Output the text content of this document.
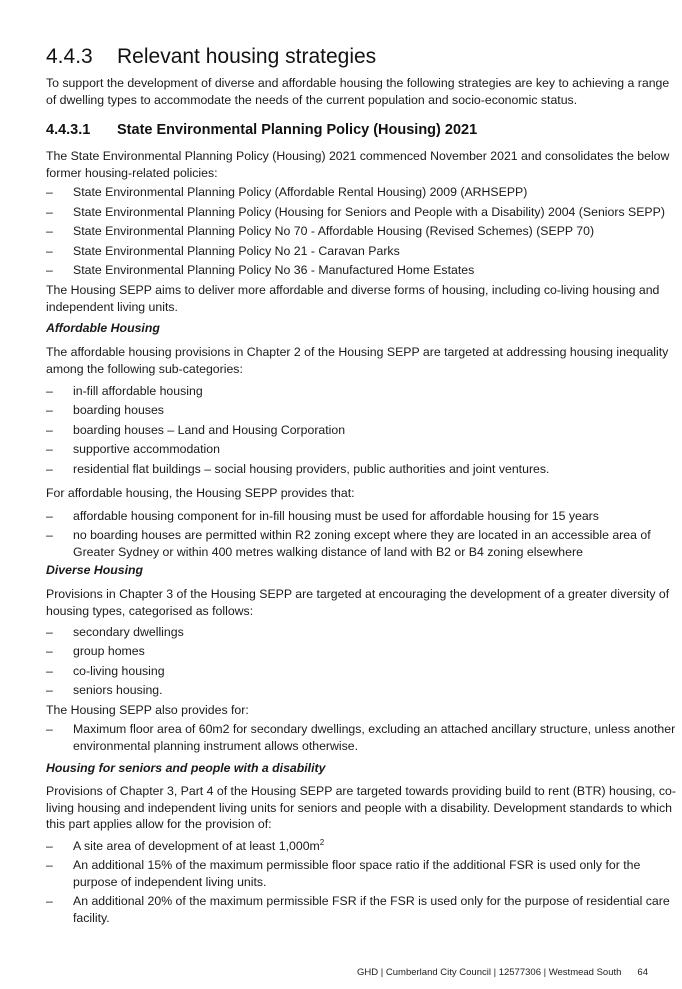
4.4.3 Relevant housing strategies

To support the development of diverse and affordable housing the following strategies are key to achieving a range of dwelling types to accommodate the needs of the current population and socio-economic status.

4.4.3.1 State Environmental Planning Policy (Housing) 2021

The State Environmental Planning Policy (Housing) 2021 commenced November 2021 and consolidates the below former housing-related policies:

– State Environmental Planning Policy (Affordable Rental Housing) 2009 (ARHSEPP)
– State Environmental Planning Policy (Housing for Seniors and People with a Disability) 2004 (Seniors SEPP)
– State Environmental Planning Policy No 70 - Affordable Housing (Revised Schemes) (SEPP 70)
– State Environmental Planning Policy No 21 - Caravan Parks
– State Environmental Planning Policy No 36 - Manufactured Home Estates

The Housing SEPP aims to deliver more affordable and diverse forms of housing, including co-living housing and independent living units.

Affordable Housing

The affordable housing provisions in Chapter 2 of the Housing SEPP are targeted at addressing housing inequality among the following sub-categories:

– in-fill affordable housing
– boarding houses
– boarding houses – Land and Housing Corporation
– supportive accommodation
– residential flat buildings – social housing providers, public authorities and joint ventures.

For affordable housing, the Housing SEPP provides that:

– affordable housing component for in-fill housing must be used for affordable housing for 15 years
– no boarding houses are permitted within R2 zoning except where they are located in an accessible area of Greater Sydney or within 400 metres walking distance of land with B2 or B4 zoning elsewhere
Diverse Housing

Provisions in Chapter 3 of the Housing SEPP are targeted at encouraging the development of a greater diversity of housing types, categorised as follows:

– secondary dwellings
– group homes
– co-living housing
– seniors housing.

The Housing SEPP also provides for:

– Maximum floor area of 60m2 for secondary dwellings, excluding an attached ancillary structure, unless another environmental planning instrument allows otherwise.
Housing for seniors and people with a disability

Provisions of Chapter 3, Part 4 of the Housing SEPP are targeted towards providing build to rent (BTR) housing, co-living housing and independent living units for seniors and people with a disability. Development standards to which this part applies allow for the provision of:

– A site area of development of at least $1,000m^2$
– An additional 15% of the maximum permissible floor space ratio if the additional FSR is used only for the purpose of independent living units.
– An additional 20% of the maximum permissible FSR if the FSR is used only for the purpose of residential care facility.
GHD | Cumberland City Council | 12577306 | Westmead South 64
